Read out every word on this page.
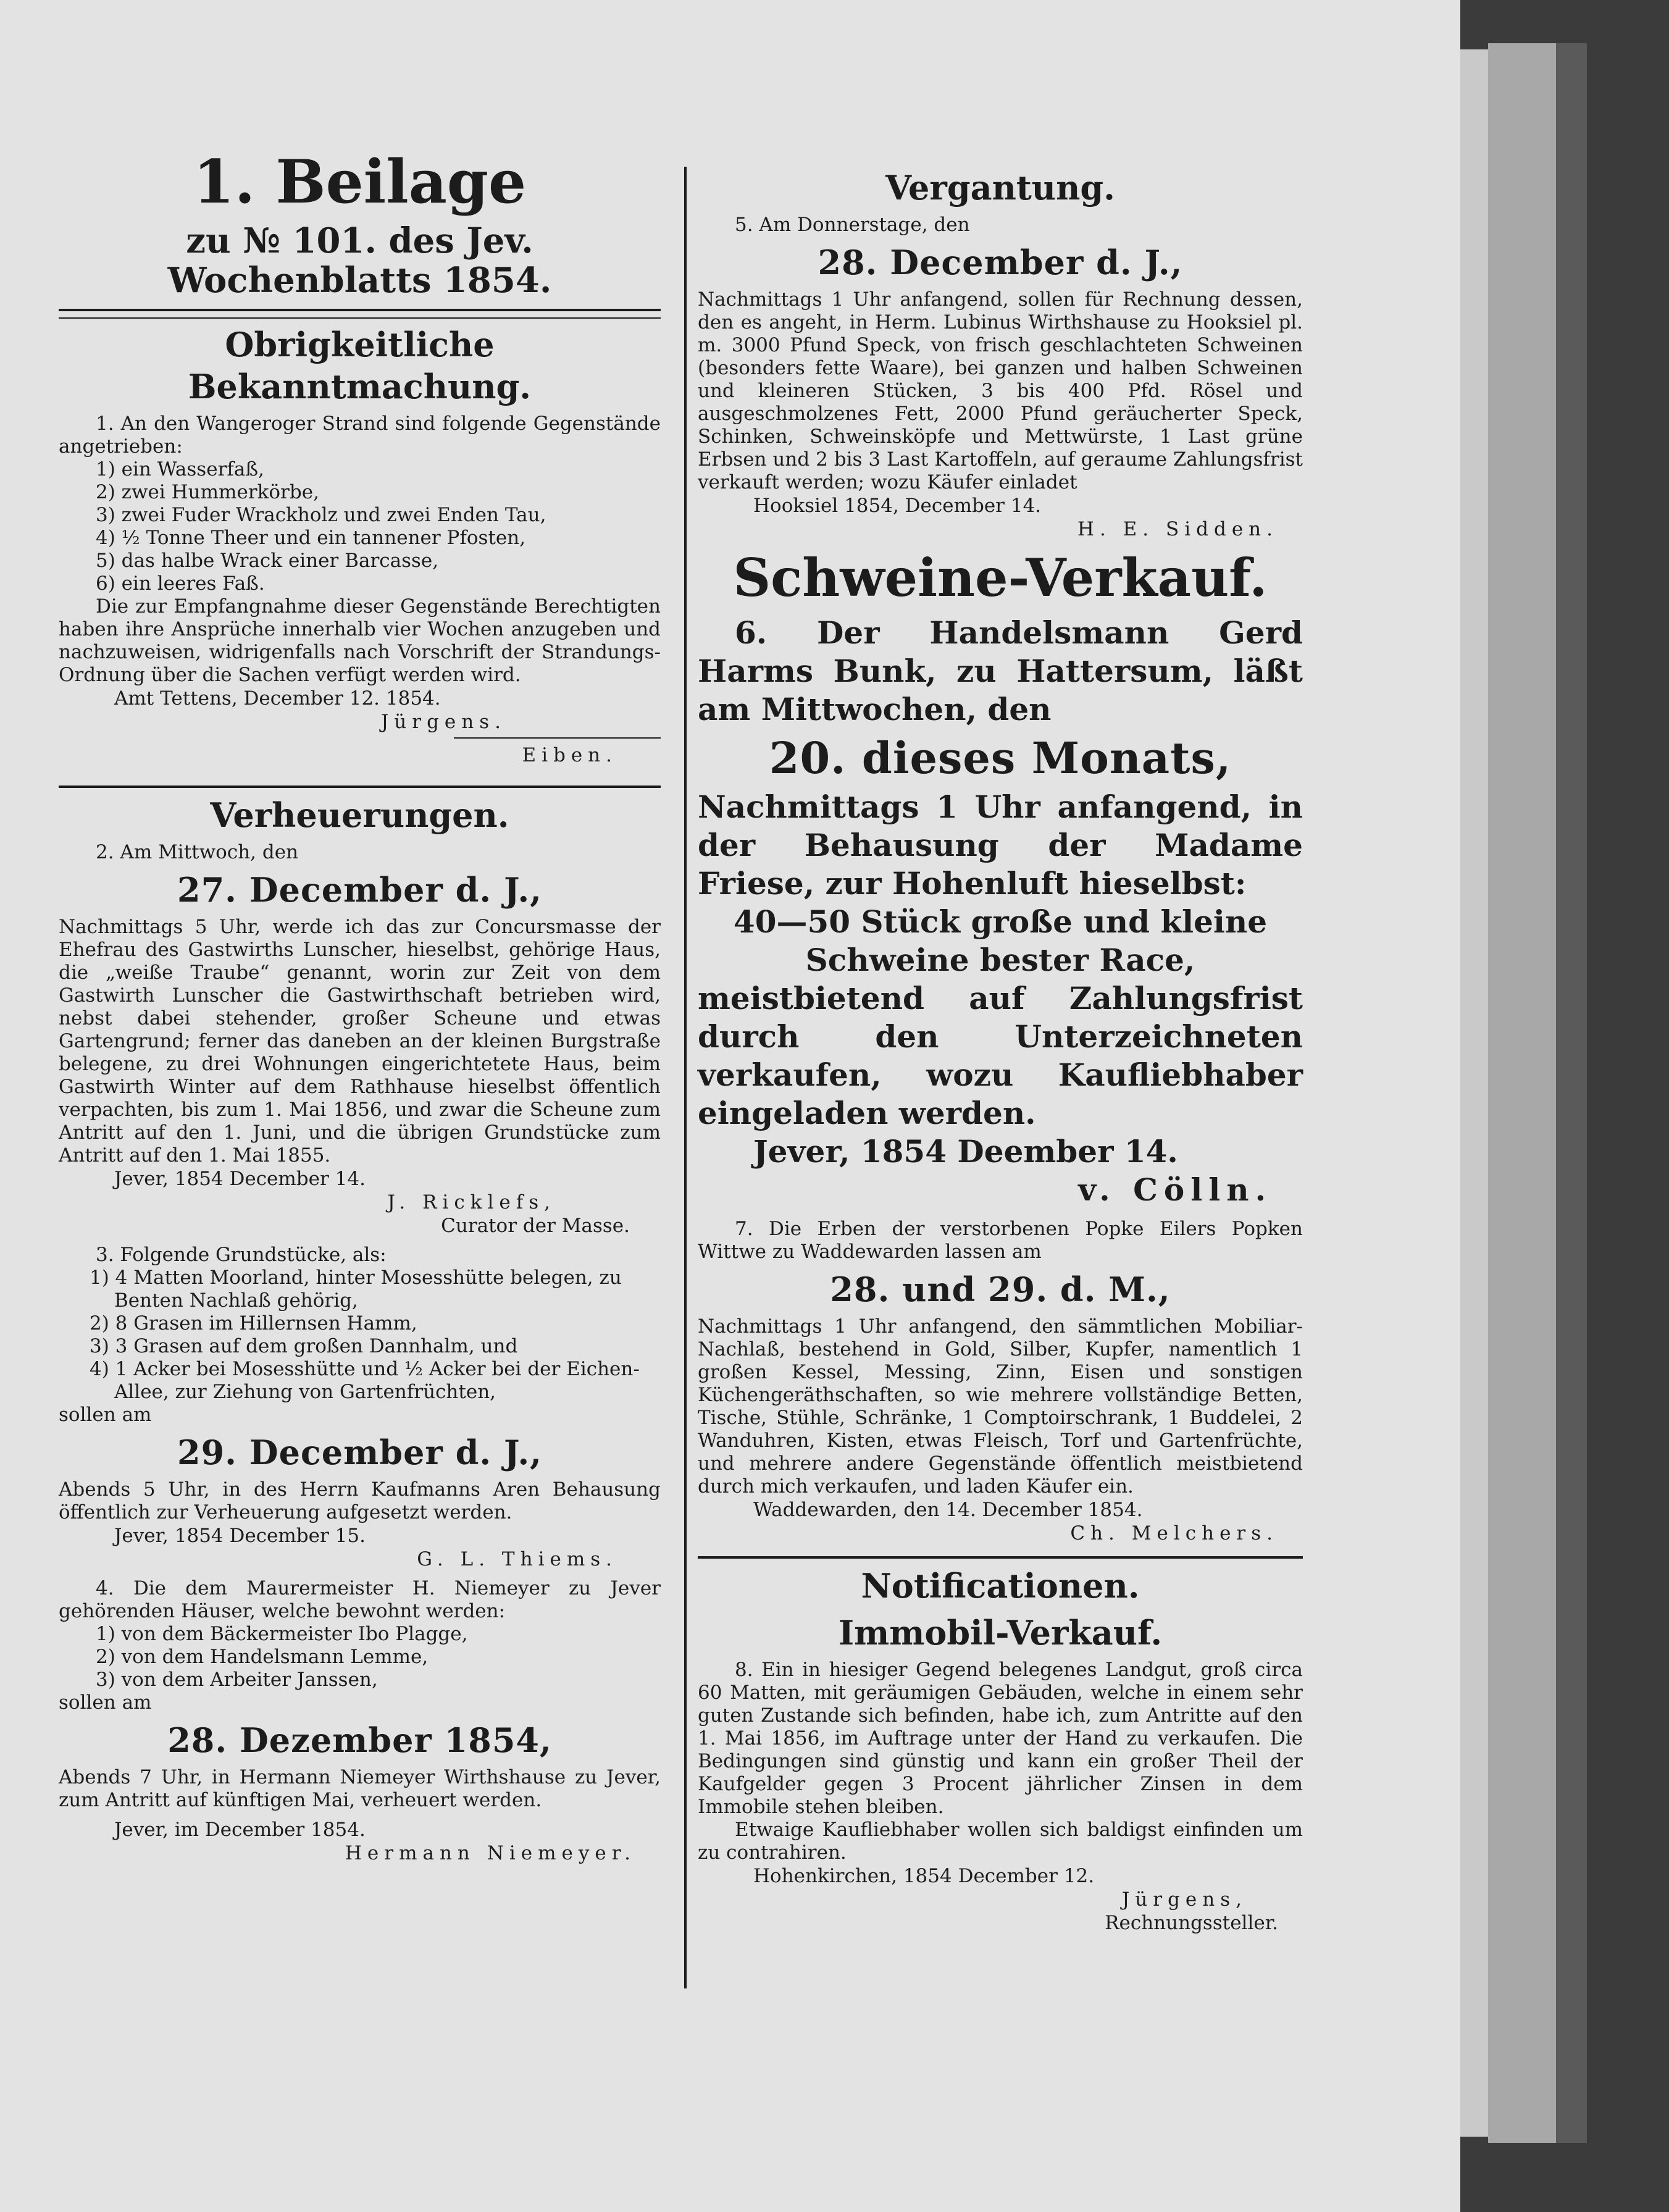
1. Beilage
zu № 101. des Jev. Wochenblatts 1854.
Obrigkeitliche Bekanntmachung.

1. An den Wangeroger Strand sind folgende Gegenstände angetrieben:

1) ein Wasserfaß,

2) zwei Hummerkörbe,

3) zwei Fuder Wrackholz und zwei Enden Tau,

4) ½ Tonne Theer und ein tannener Pfosten,

5) das halbe Wrack einer Barcasse,

6) ein leeres Faß.

Die zur Empfangnahme dieser Gegenstände Berechtigten haben ihre Ansprüche innerhalb vier Wochen anzugeben und nachzuweisen, widrigenfalls nach Vorschrift der Strandungs-Ordnung über die Sachen verfügt werden wird.

Amt Tettens, December 12. 1854.

Jürgens.

Eiben.

Verheuerungen.

2. Am Mittwoch, den

27. December d. J.,

Nachmittags 5 Uhr, werde ich das zur Concursmasse der Ehefrau des Gastwirths Lunscher, hieselbst, gehörige Haus, die „weiße Traube“ genannt, worin zur Zeit von dem Gastwirth Lunscher die Gastwirthschaft betrieben wird, nebst dabei stehender, großer Scheune und etwas Gartengrund; ferner das daneben an der kleinen Burgstraße belegene, zu drei Wohnungen eingerichtetete Haus, beim Gastwirth Winter auf dem Rathhause hieselbst öffentlich verpachten, bis zum 1. Mai 1856, und zwar die Scheune zum Antritt auf den 1. Juni, und die übrigen Grundstücke zum Antritt auf den 1. Mai 1855.

Jever, 1854 December 14.

J. Ricklefs,

Curator der Masse.

3. Folgende Grundstücke, als:

1) 4 Matten Moorland, hinter Mosesshütte belegen, zu Benten Nachlaß gehörig,

2) 8 Grasen im Hillernsen Hamm,

3) 3 Grasen auf dem großen Dannhalm, und

4) 1 Acker bei Mosesshütte und ½ Acker bei der Eichen-Allee, zur Ziehung von Gartenfrüchten,

sollen am

29. December d. J.,

Abends 5 Uhr, in des Herrn Kaufmanns Aren Behausung öffentlich zur Verheuerung aufgesetzt werden.

Jever, 1854 December 15.

G. L. Thiems.

4. Die dem Maurermeister H. Niemeyer zu Jever gehörenden Häuser, welche bewohnt werden:

1) von dem Bäckermeister Ibo Plagge,

2) von dem Handelsmann Lemme,

3) von dem Arbeiter Janssen,

sollen am

28. Dezember 1854,

Abends 7 Uhr, in Hermann Niemeyer Wirthshause zu Jever, zum Antritt auf künftigen Mai, verheuert werden.

Jever, im December 1854.

Hermann Niemeyer.

Vergantung.

5. Am Donnerstage, den

28. December d. J.,

Nachmittags 1 Uhr anfangend, sollen für Rechnung dessen, den es angeht, in Herm. Lubinus Wirthshause zu Hooksiel pl. m. 3000 Pfund Speck, von frisch geschlachteten Schweinen (besonders fette Waare), bei ganzen und halben Schweinen und kleineren Stücken, 3 bis 400 Pfd. Rösel und ausgeschmolzenes Fett, 2000 Pfund geräucherter Speck, Schinken, Schweinsköpfe und Mettwürste, 1 Last grüne Erbsen und 2 bis 3 Last Kartoffeln, auf geraume Zahlungsfrist verkauft werden; wozu Käufer einladet

Hooksiel 1854, December 14.

H. E. Sidden.

Schweine-Verkauf.

6. Der Handelsmann Gerd Harms Bunk, zu Hattersum, läßt am Mittwochen, den

20. dieses Monats,

Nachmittags 1 Uhr anfangend, in der Behausung der Madame Friese, zur Hohenluft hieselbst:

40—50 Stück große und kleine Schweine bester Race,

meistbietend auf Zahlungsfrist durch den Unterzeichneten verkaufen, wozu Kaufliebhaber eingeladen werden.

Jever, 1854 Deember 14.

v. Cölln.

7. Die Erben der verstorbenen Popke Eilers Popken Wittwe zu Waddewarden lassen am

28. und 29. d. M.,

Nachmittags 1 Uhr anfangend, den sämmtlichen Mobiliar-Nachlaß, bestehend in Gold, Silber, Kupfer, namentlich 1 großen Kessel, Messing, Zinn, Eisen und sonstigen Küchengeräthschaften, so wie mehrere vollständige Betten, Tische, Stühle, Schränke, 1 Comptoirschrank, 1 Buddelei, 2 Wanduhren, Kisten, etwas Fleisch, Torf und Gartenfrüchte, und mehrere andere Gegenstände öffentlich meistbietend durch mich verkaufen, und laden Käufer ein.

Waddewarden, den 14. December 1854.

Ch. Melchers.

Notificationen.
Immobil-Verkauf.

8. Ein in hiesiger Gegend belegenes Landgut, groß circa 60 Matten, mit geräumigen Gebäuden, welche in einem sehr guten Zustande sich befinden, habe ich, zum Antritte auf den 1. Mai 1856, im Auftrage unter der Hand zu verkaufen. Die Bedingungen sind günstig und kann ein großer Theil der Kaufgelder gegen 3 Procent jährlicher Zinsen in dem Immobile stehen bleiben.

Etwaige Kaufliebhaber wollen sich baldigst einfinden um zu contrahiren.

Hohenkirchen, 1854 December 12.

Jürgens,

Rechnungssteller.
